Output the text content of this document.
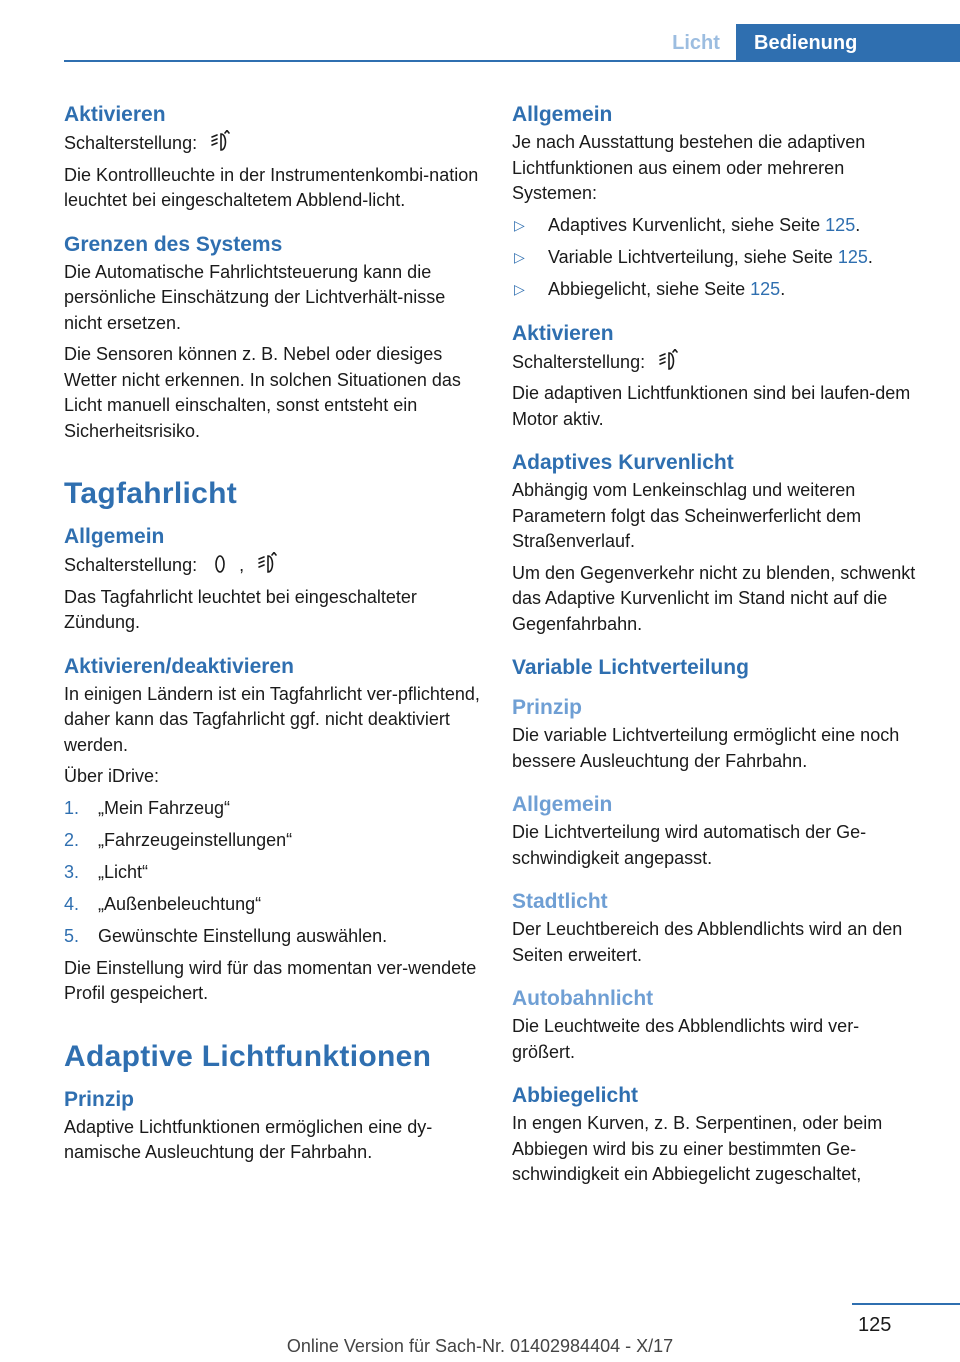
Licht	Bedienung
Aktivieren

Schalterstellung:

Die Kontrollleuchte in der Instrumentenkombi-nation leuchtet bei eingeschaltetem Abblend-licht.

Grenzen des Systems

Die Automatische Fahrlichtsteuerung kann die persönliche Einschätzung der Lichtverhält-nisse nicht ersetzen.

Die Sensoren können z. B. Nebel oder diesiges Wetter nicht erkennen. In solchen Situationen das Licht manuell einschalten, sonst entsteht ein Sicherheitsrisiko.

Tagfahrlicht
Allgemein

Schalterstellung: ,

Das Tagfahrlicht leuchtet bei eingeschalteter Zündung.

Aktivieren/deaktivieren

In einigen Ländern ist ein Tagfahrlicht ver-pflichtend, daher kann das Tagfahrlicht ggf. nicht deaktiviert werden.

Über iDrive:

1.	„Mein Fahrzeug“
2.	„Fahrzeugeinstellungen“
3.	„Licht“
4.	„Außenbeleuchtung“
5.	Gewünschte Einstellung auswählen.

Die Einstellung wird für das momentan ver-wendete Profil gespeichert.

Adaptive Lichtfunktionen
Prinzip

Adaptive Lichtfunktionen ermöglichen eine dy-namische Ausleuchtung der Fahrbahn.

Allgemein

Je nach Ausstattung bestehen die adaptiven Lichtfunktionen aus einem oder mehreren Systemen:

▷	Adaptives Kurvenlicht, siehe Seite 125.
▷	Variable Lichtverteilung, siehe Seite 125.
▷	Abbiegelicht, siehe Seite 125.
Aktivieren

Schalterstellung:

Die adaptiven Lichtfunktionen sind bei laufen-dem Motor aktiv.

Adaptives Kurvenlicht

Abhängig vom Lenkeinschlag und weiteren Parametern folgt das Scheinwerferlicht dem Straßenverlauf.

Um den Gegenverkehr nicht zu blenden, schwenkt das Adaptive Kurvenlicht im Stand nicht auf die Gegenfahrbahn.

Variable Lichtverteilung
Prinzip

Die variable Lichtverteilung ermöglicht eine noch bessere Ausleuchtung der Fahrbahn.

Allgemein

Die Lichtverteilung wird automatisch der Ge-schwindigkeit angepasst.

Stadtlicht

Der Leuchtbereich des Abblendlichts wird an den Seiten erweitert.

Autobahnlicht

Die Leuchtweite des Abblendlichts wird ver-größert.

Abbiegelicht

In engen Kurven, z. B. Serpentinen, oder beim Abbiegen wird bis zu einer bestimmten Ge-schwindigkeit ein Abbiegelicht zugeschaltet,

125
Online Version für Sach-Nr. 01402984404 - X/17
